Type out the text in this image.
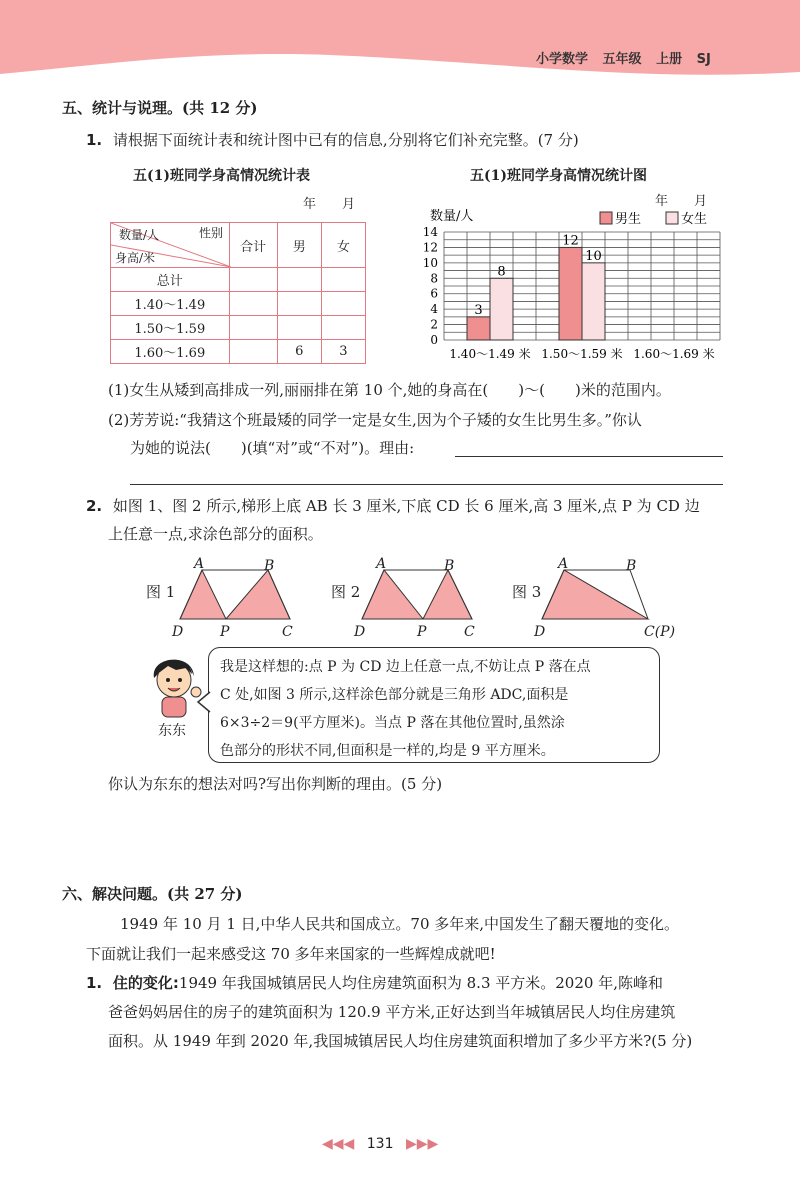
小学数学 五年级 上册 SJ
五、统计与说理。(共 12 分)
1. 请根据下面统计表和统计图中已有的信息,分别将它们补充完整。(7 分)
五(1)班同学身高情况统计表
年　　月
数量/人 性别
身高/米	合计	男	女
总计			
1.40～1.49			
1.50～1.59			
1.60～1.69		6	3
五(1)班同学身高情况统计图
年　　月
数量/人	男生	女生
0
2
4
6
8
10
12
14
3
8
1.40～1.49 米
12
10
1.50～1.59 米 1.60～1.69 米
(1)女生从矮到高排成一列,丽丽排在第 10 个,她的身高在(　　)～(　　)米的范围内。
(2)芳芳说:“我猜这个班最矮的同学一定是女生,因为个子矮的女生比男生多。”你认
为她的说法(　　)(填“对”或“不对”)。理由:
2. 如图 1、图 2 所示,梯形上底 AB 长 3 厘米,下底 CD 长 6 厘米,高 3 厘米,点 P 为 CD 边
上任意一点,求涂色部分的面积。
A	B
D	P	C
A	B
D	P	C
A	B
D	C(P)
图 1	图 2	图 3
东东
我是这样想的:点 P 为 CD 边上任意一点,不妨让点 P 落在点
C 处,如图 3 所示,这样涂色部分就是三角形 ADC,面积是
6×3÷2＝9(平方厘米)。当点 P 落在其他位置时,虽然涂
色部分的形状不同,但面积是一样的,均是 9 平方厘米。
你认为东东的想法对吗?写出你判断的理由。(5 分)
六、解决问题。(共 27 分)
1949 年 10 月 1 日,中华人民共和国成立。70 多年来,中国发生了翻天覆地的变化。
下面就让我们一起来感受这 70 多年来国家的一些辉煌成就吧!
1. 住的变化:1949 年我国城镇居民人均住房建筑面积为 8.3 平方米。2020 年,陈峰和
爸爸妈妈居住的房子的建筑面积为 120.9 平方米,正好达到当年城镇居民人均住房建筑
面积。从 1949 年到 2020 年,我国城镇居民人均住房建筑面积增加了多少平方米?(5 分)
◀◀◀ 131 ▶▶▶
